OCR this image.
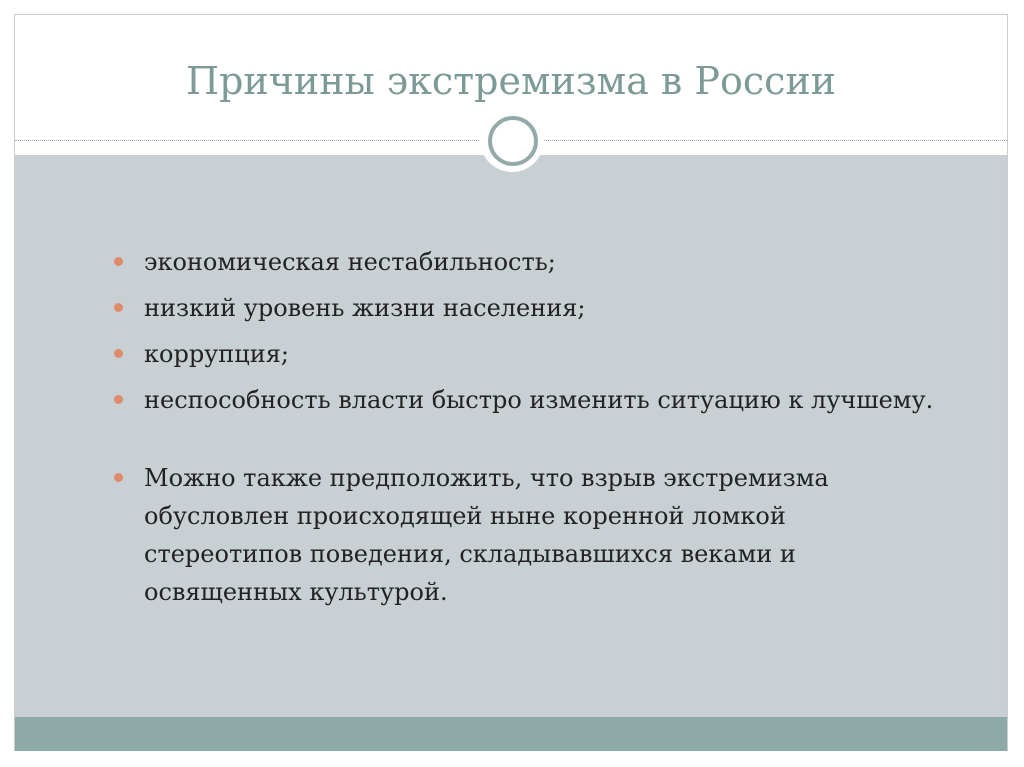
Причины экстремизма в России
экономическая нестабильность;
низкий уровень жизни населения;
коррупция;
неспособность власти быстро изменить ситуацию к лучшему.
Можно также предположить, что взрыв экстремизма обусловлен происходящей ныне коренной ломкой стереотипов поведения, складывавшихся веками и освященных культурой.
